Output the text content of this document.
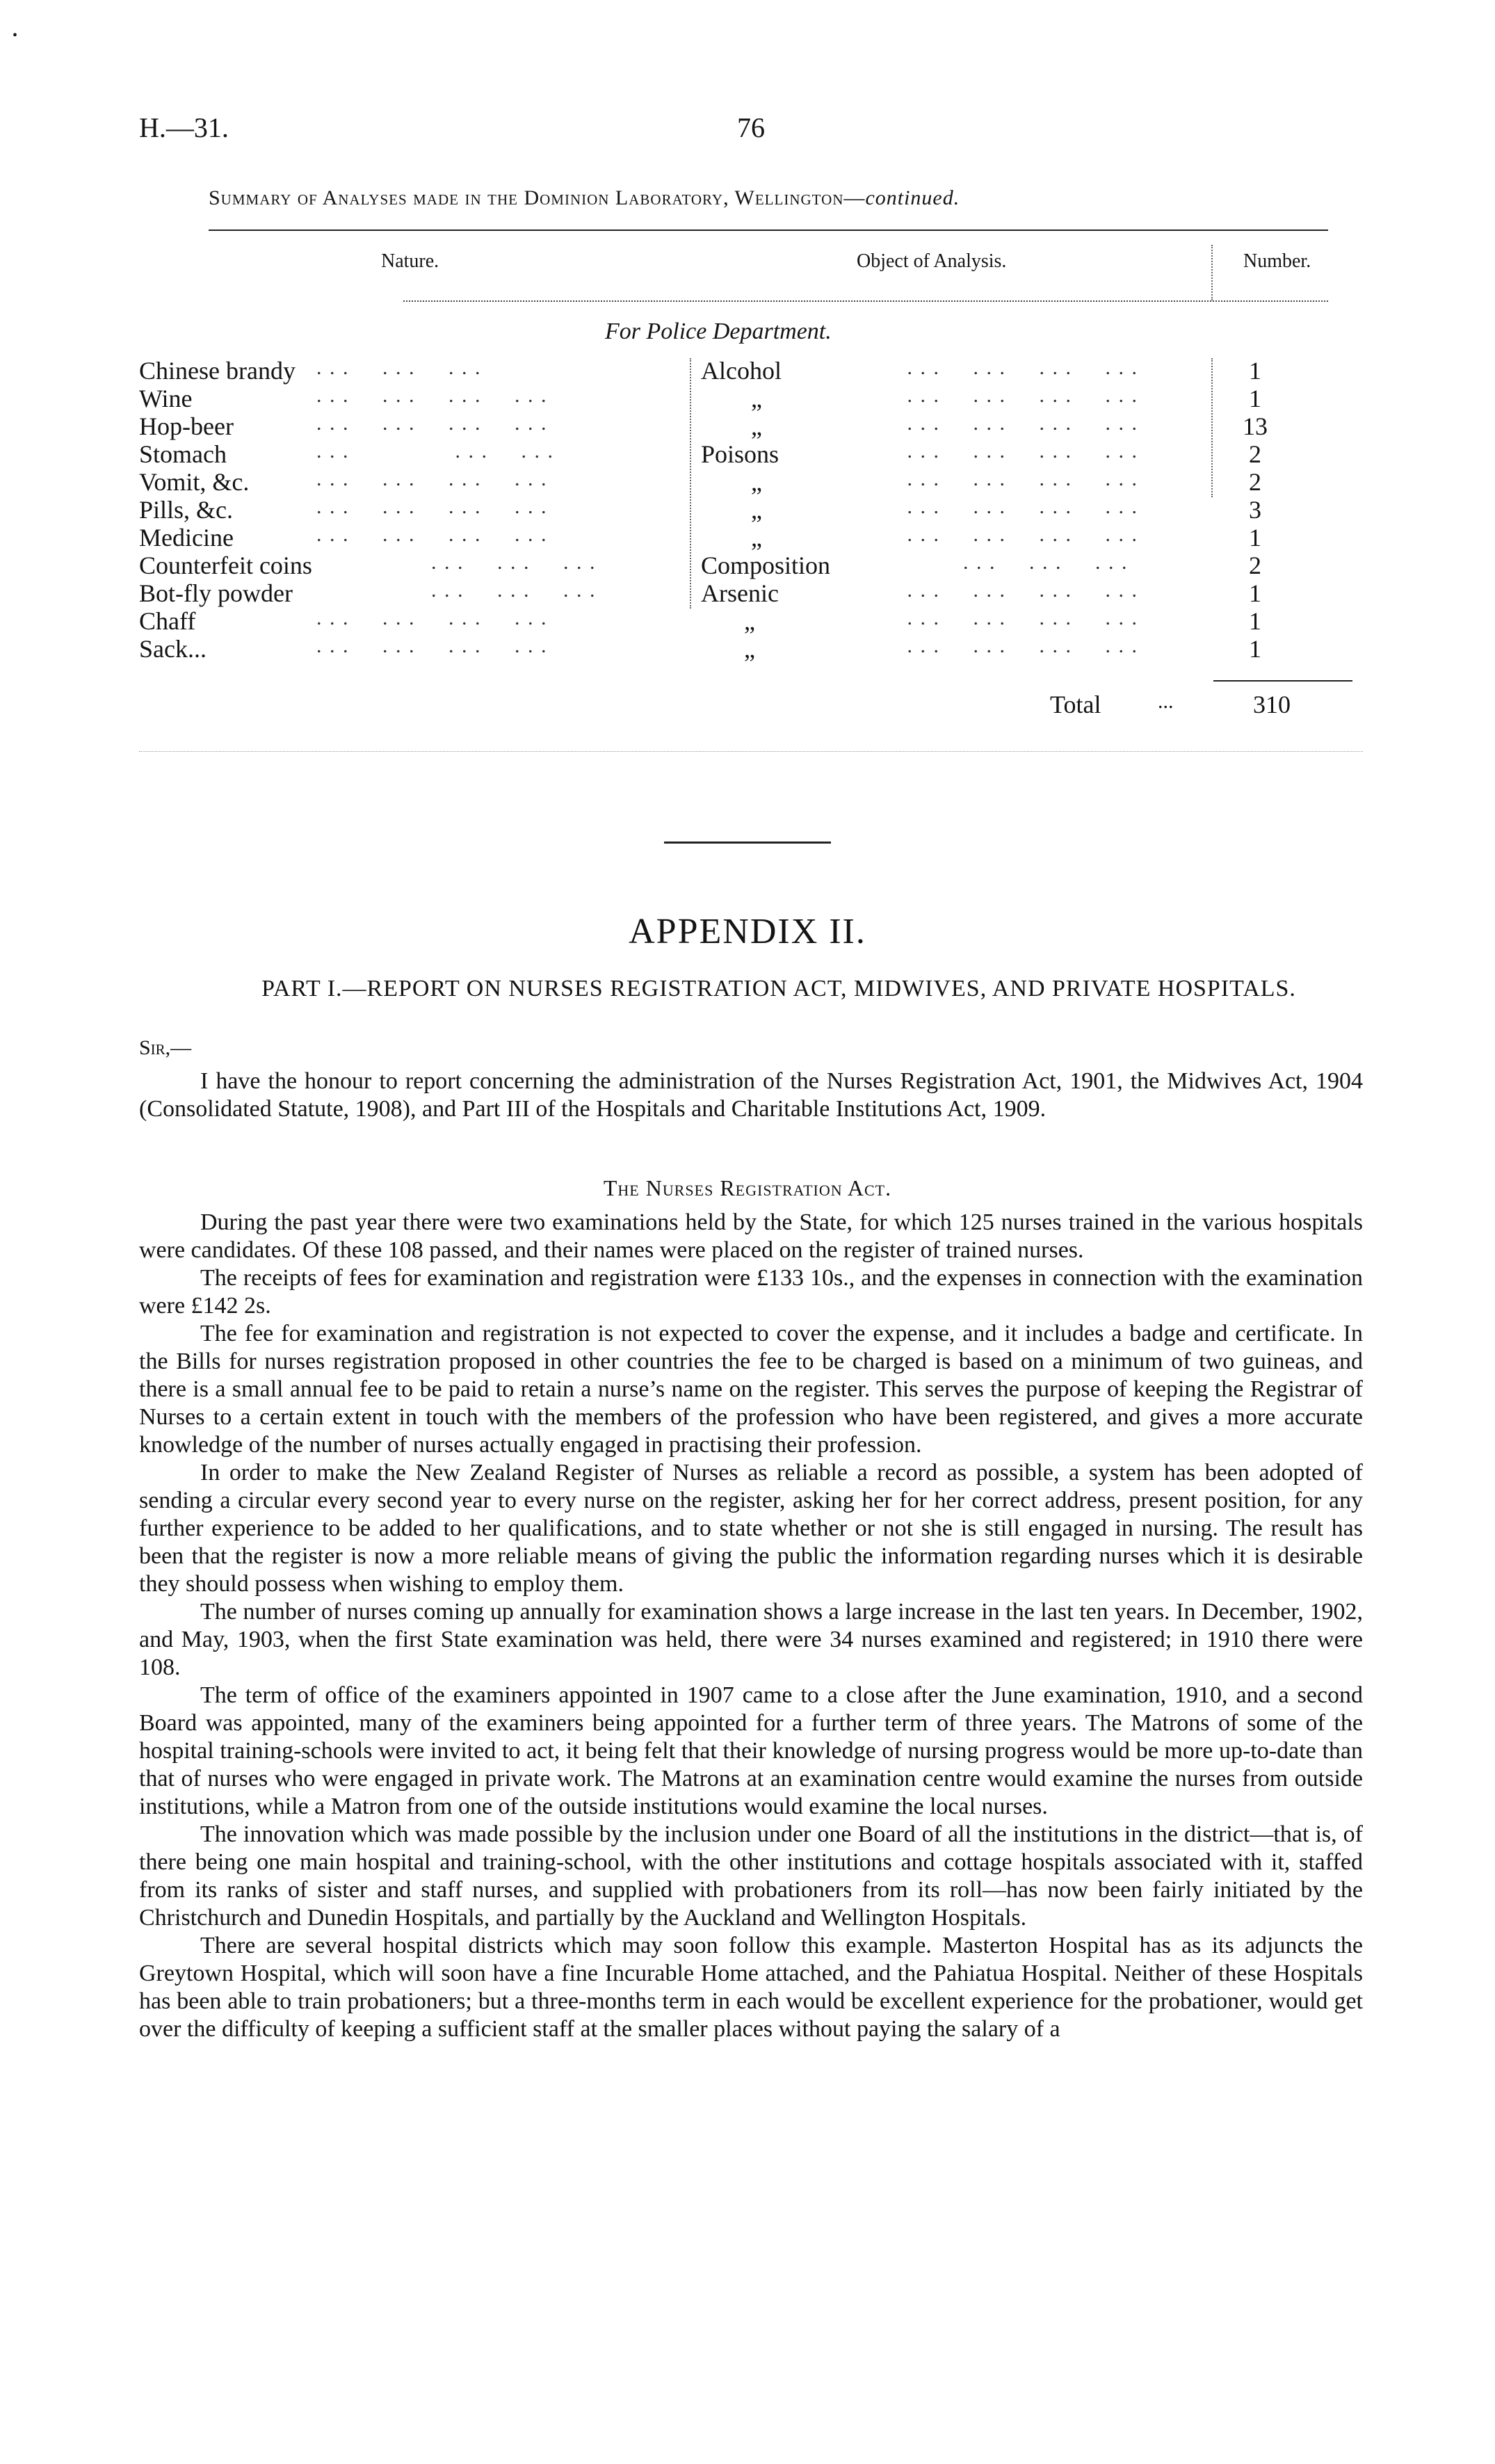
•
H.—31.	76
Summary of Analyses made in the Dominion Laboratory, Wellington—continued.
Nature.	Object of Analysis.	Number.
For Police Department.
Chinese brandy . . .     . . .     . . .	Alcohol	. . .     . . .     . . .     . . .	1
Wine	. . .     . . .     . . .     . . .	„	. . .     . . .     . . .     . . .	1
Hop-beer	. . .     . . .     . . .     . . .	„	. . .     . . .     . . .     . . .	13
Stomach	. . .                . . .     . . .	Poisons	. . .     . . .     . . .     . . .	2
Vomit, &c.	. . .     . . .     . . .     . . .	„	. . .     . . .     . . .     . . .	2
Pills, &c.	. . .     . . .     . . .     . . .	„	. . .     . . .     . . .     . . .	3
Medicine	. . .     . . .     . . .     . . .	„	. . .     . . .     . . .     . . .	1
Counterfeit coins	. . .     . . .     . . .	Composition	. . .     . . .     . . .	2
Bot-fly powder	. . .     . . .     . . .	Arsenic	. . .     . . .     . . .     . . .	1
Chaff	. . .     . . .     . . .     . . .	„	. . .     . . .     . . .     . . .	1
Sack...	. . .     . . .     . . .     . . .	„	. . .     . . .     . . .     . . .	1
Total	...	310
APPENDIX II.
PART I.—REPORT ON NURSES REGISTRATION ACT, MIDWIVES, AND PRIVATE HOSPITALS.
Sir,—

I have the honour to report concerning the administration of the Nurses Registration Act, 1901, the Midwives Act, 1904 (Consolidated Statute, 1908), and Part III of the Hospitals and Charitable Institutions Act, 1909.

The Nurses Registration Act.

During the past year there were two examinations held by the State, for which 125 nurses trained in the various hospitals were candidates. Of these 108 passed, and their names were placed on the register of trained nurses.

The receipts of fees for examination and registration were £133 10s., and the expenses in connection with the examination were £142 2s.

The fee for examination and registration is not expected to cover the expense, and it includes a badge and certificate. In the Bills for nurses registration proposed in other countries the fee to be charged is based on a minimum of two guineas, and there is a small annual fee to be paid to retain a nurse’s name on the register. This serves the purpose of keeping the Registrar of Nurses to a certain extent in touch with the members of the profession who have been registered, and gives a more accurate knowledge of the number of nurses actually engaged in practising their profession.

In order to make the New Zealand Register of Nurses as reliable a record as possible, a system has been adopted of sending a circular every second year to every nurse on the register, asking her for her correct address, present position, for any further experience to be added to her qualifications, and to state whether or not she is still engaged in nursing. The result has been that the register is now a more reliable means of giving the public the information regarding nurses which it is desirable they should possess when wishing to employ them.

The number of nurses coming up annually for examination shows a large increase in the last ten years. In December, 1902, and May, 1903, when the first State examination was held, there were 34 nurses examined and registered; in 1910 there were 108.

The term of office of the examiners appointed in 1907 came to a close after the June examination, 1910, and a second Board was appointed, many of the examiners being appointed for a further term of three years. The Matrons of some of the hospital training-schools were invited to act, it being felt that their knowledge of nursing progress would be more up-to-date than that of nurses who were engaged in private work. The Matrons at an examination centre would examine the nurses from outside institutions, while a Matron from one of the outside institutions would examine the local nurses.

The innovation which was made possible by the inclusion under one Board of all the institutions in the district—that is, of there being one main hospital and training-school, with the other institutions and cottage hospitals associated with it, staffed from its ranks of sister and staff nurses, and supplied with probationers from its roll—has now been fairly initiated by the Christchurch and Dunedin Hospitals, and partially by the Auckland and Wellington Hospitals.

There are several hospital districts which may soon follow this example. Masterton Hospital has as its adjuncts the Greytown Hospital, which will soon have a fine Incurable Home attached, and the Pahiatua Hospital. Neither of these Hospitals has been able to train probationers; but a three-months term in each would be excellent experience for the probationer, would get over the difficulty of keeping a sufficient staff at the smaller places without paying the salary of a
